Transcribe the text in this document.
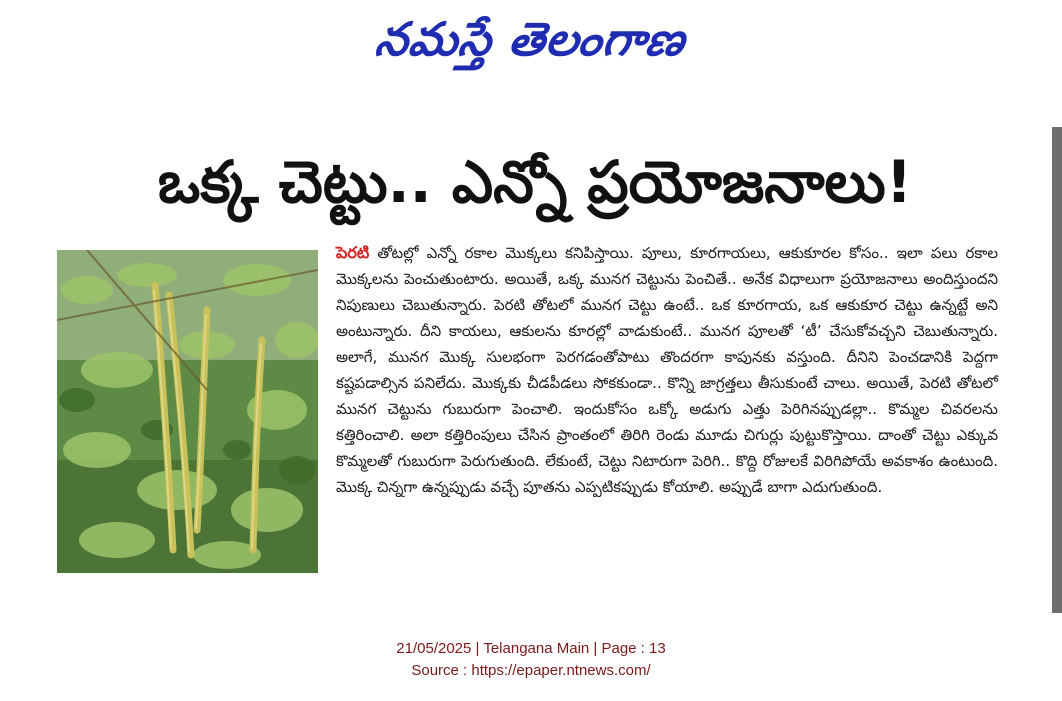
నమస్తే తెలంగాణ
ఒక్క చెట్టు.. ఎన్నో ప్రయోజనాలు!
పెరటి తోటల్లో ఎన్నో రకాల మొక్కలు కనిపిస్తాయి. పూలు, కూరగాయలు, ఆకుకూరల కోసం.. ఇలా పలు రకాల మొక్కలను పెంచుతుంటారు. అయితే, ఒక్క మునగ చెట్టును పెంచితే.. అనేక విధాలుగా ప్రయోజనాలు అందిస్తుందని నిపుణులు చెబుతున్నారు. పెరటి తోటలో మునగ చెట్టు ఉంటే.. ఒక కూరగాయ, ఒక ఆకుకూర చెట్టు ఉన్నట్టే అని అంటున్నారు. దీని కాయలు, ఆకులను కూరల్లో వాడుకుంటే.. మునగ పూలతో ‘టీ’ చేసుకోవచ్చని చెబుతున్నారు. అలాగే, మునగ మొక్క సులభంగా పెరగడంతోపాటు తొందరగా కాపునకు వస్తుంది. దీనిని పెంచడానికి పెద్దగా కష్టపడాల్సిన పనిలేదు. మొక్కకు చీడపీడలు సోకకుండా.. కొన్ని జాగ్రత్తలు తీసుకుంటే చాలు. అయితే, పెరటి తోటలో మునగ చెట్టును గుబురుగా పెంచాలి. ఇందుకోసం ఒక్కో అడుగు ఎత్తు పెరిగినప్పుడల్లా.. కొమ్మల చివరలను కత్తిరించాలి. అలా కత్తిరింపులు చేసిన ప్రాంతంలో తిరిగి రెండు మూడు చిగుర్లు పుట్టుకొస్తాయి. దాంతో చెట్టు ఎక్కువ కొమ్మలతో గుబురుగా పెరుగుతుంది. లేకుంటే, చెట్టు నిటారుగా పెరిగి.. కొద్ది రోజులకే విరిగిపోయే అవకాశం ఉంటుంది. మొక్క చిన్నగా ఉన్నప్పుడు వచ్చే పూతను ఎప్పటికప్పుడు కోయాలి. అప్పుడే బాగా ఎదుగుతుంది.
21/05/2025 | Telangana Main | Page : 13
Source : https://epaper.ntnews.com/
